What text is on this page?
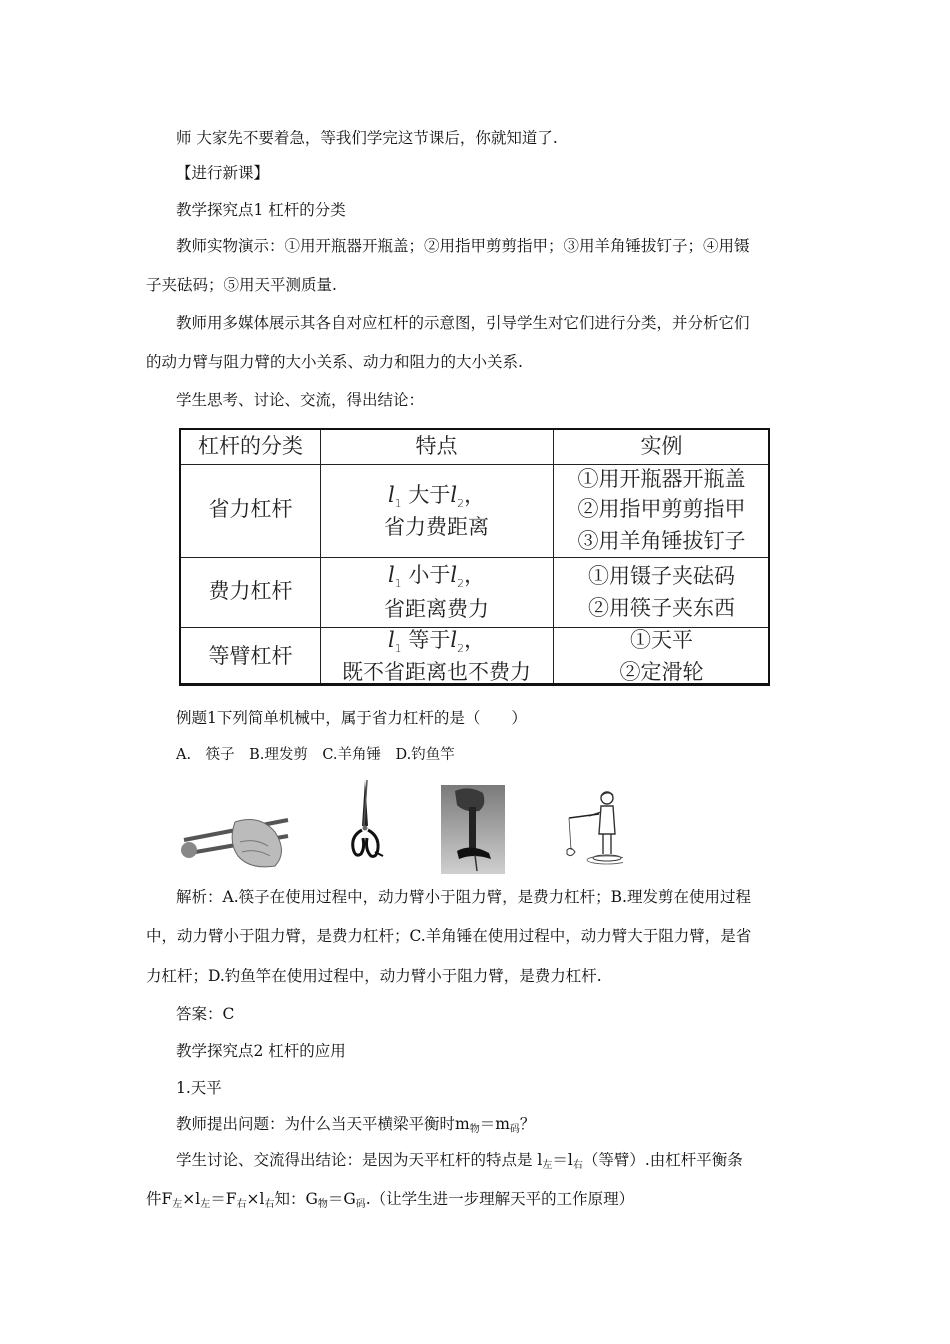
师 大家先不要着急，等我们学完这节课后，你就知道了.
【进行新课】
教学探究点1 杠杆的分类
教师实物演示：①用开瓶器开瓶盖；②用指甲剪剪指甲；③用羊角锤拔钉子；④用镊
子夹砝码；⑤用天平测质量.
教师用多媒体展示其各自对应杠杆的示意图，引导学生对它们进行分类，并分析它们
的动力臂与阻力臂的大小关系、动力和阻力的大小关系.
学生思考、讨论、交流，得出结论：
杠杆的分类	特点	实例
省力杠杆
$l_1$ 大于$l_2$，
省力费距离
①用开瓶器开瓶盖
②用指甲剪剪指甲
③用羊角锤拔钉子
费力杠杆
$l_1$ 小于$l_2$，
省距离费力
①用镊子夹砝码
②用筷子夹东西
等臂杠杆
$l_1$ 等于$l_2$，
既不省距离也不费力
①天平
②定滑轮
例题1下列简单机械中，属于省力杠杆的是（　　）
A.　筷子　B.理发剪　C.羊角锤　D.钓鱼竿
解析：A.筷子在使用过程中，动力臂小于阻力臂，是费力杠杆；B.理发剪在使用过程
中，动力臂小于阻力臂，是费力杠杆；C.羊角锤在使用过程中，动力臂大于阻力臂，是省
力杠杆；D.钓鱼竿在使用过程中，动力臂小于阻力臂，是费力杠杆.
答案：C
教学探究点2 杠杆的应用
1.天平
教师提出问题：为什么当天平横梁平衡时$m_物=m_码$？
学生讨论、交流得出结论：是因为天平杠杆的特点是 $l_左=l_右$（等臂）.由杠杆平衡条
件$F_左\times l_左=F_右\times l_右$知：$G_物=G_码$.（让学生进一步理解天平的工作原理）
